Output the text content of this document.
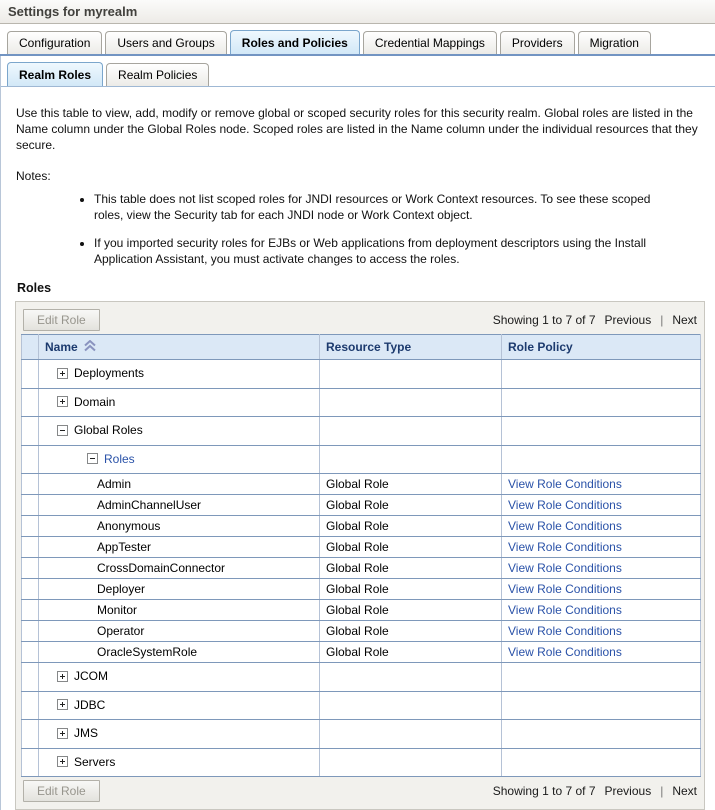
Settings for myrealm
Configuration Users and Groups Roles and Policies Credential Mappings Providers Migration
Realm Roles Realm Policies

Use this table to view, add, modify or remove global or scoped security roles for this security realm. Global roles are listed in the Name column under the Global Roles node. Scoped roles are listed in the Name column under the individual resources that they secure.

Notes:

• This table does not list scoped roles for JNDI resources or Work Context resources. To see these scoped roles, view the Security tab for each JNDI node or Work Context object.
• If you imported security roles for EJBs or Web applications from deployment descriptors using the Install Application Assistant, you must activate changes to access the roles.
Roles
Edit Role	Showing 1 to 7 of 7 Previous | Next
	Name	Resource Type	Role Policy

	Deployments		

	Domain		

	Global Roles		

	Roles		

	Admin	Global Role	View Role Conditions

	AdminChannelUser	Global Role	View Role Conditions

	Anonymous	Global Role	View Role Conditions

	AppTester	Global Role	View Role Conditions

	CrossDomainConnector	Global Role	View Role Conditions

	Deployer	Global Role	View Role Conditions

	Monitor	Global Role	View Role Conditions

	Operator	Global Role	View Role Conditions

	OracleSystemRole	Global Role	View Role Conditions

	JCOM		

	JDBC		

	JMS		

	Servers		

Edit Role	Showing 1 to 7 of 7 Previous | Next
